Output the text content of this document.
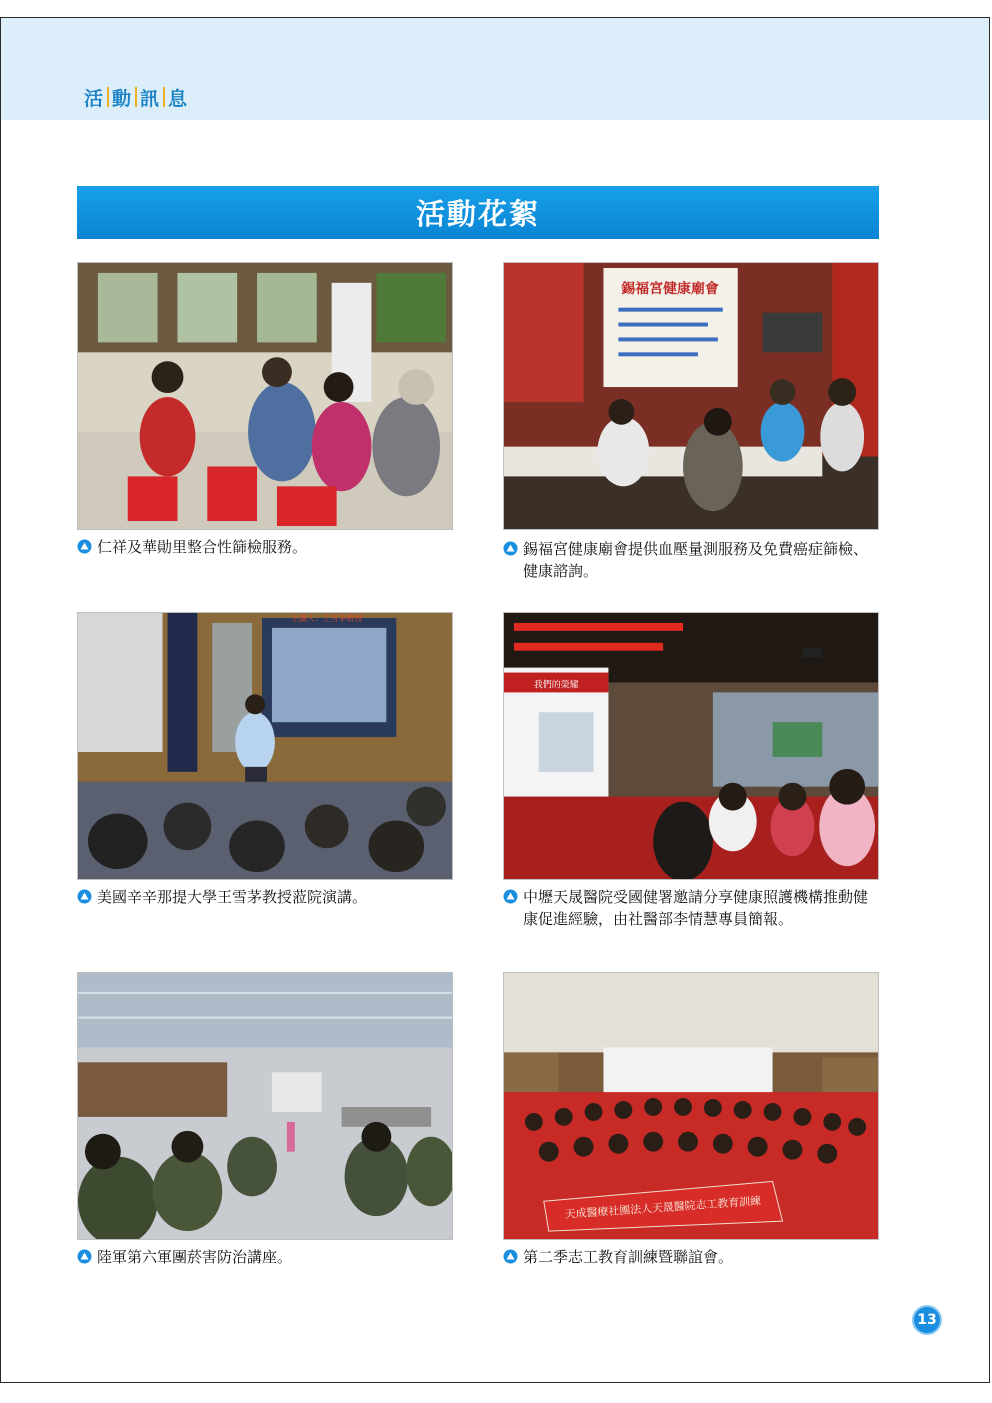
活 動 訊 息
活動花絮
仁祥及華勛里整合性篩檢服務。
錫福宮健康廟會
錫福宮健康廟會提供血壓量測服務及免費癌症篩檢、健康諮詢。
主講人：王雪茅教授
美國辛辛那提大學王雪茅教授蒞院演講。
我們的榮耀
中壢天晟醫院受國健署邀請分享健康照護機構推動健康促進經驗，由社醫部李情慧專員簡報。
陸軍第六軍團菸害防治講座。
天成醫療社團法人天晟醫院志工教育訓練
第二季志工教育訓練暨聯誼會。
13
